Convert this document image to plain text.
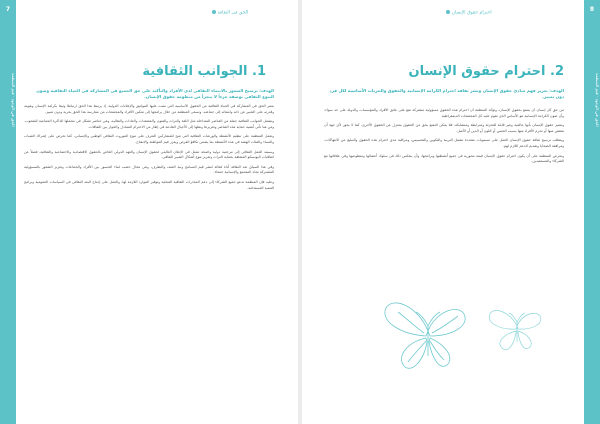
7
الحق في الوجود · قيم المنظمة
الحق في الثقافة
1. الجوانب الثقافية
الهدف: ترسيخ الشعور بالانتماء الثقافي لدى الأفراد والتأكيد على حق الجميع في المشاركة في الحياة الثقافية وصون التنوع الثقافي بوصفه جزءاً لا يتجزأ من منظومة حقوق الإنسان.

يعتبر الحق في المشاركة في الحياة الثقافية من الحقوق الأساسية التي نصت عليها المواثيق والإعلانات الدولية، إذ يرتبط هذا الحق ارتباطاً وثيقاً بكرامة الإنسان وهويته وقدرته على التعبير عن ذاته وانتمائه إلى جماعته. وتسعى المنظمة من خلال برامجها إلى تمكين الأفراد والمجتمعات من ممارسة هذا الحق بحرية ودون تمييز.

وتشمل الجوانب الثقافية جملة من العناصر المتداخلة مثل اللغة والتراث والفنون والمعتقدات والعادات والتقاليد، وهي عناصر تشكل في مجملها الذاكرة الجماعية للشعوب. ومن هنا تأتي أهمية حماية هذه العناصر وتعزيزها ونقلها إلى الأجيال القادمة في إطار من الاحترام المتبادل والحوار بين الثقافات.

وتعمل المنظمة على تنظيم الأنشطة والورشات الثقافية التي تتيح للمشاركين التعرف على تنوع الموروث الثقافي الوطني والإنساني، كما تحرص على إشراك الشباب والنساء والفئات الهشة في هذه الأنشطة بما يضمن تكافؤ الفرص ويعزز قيم المواطنة والانفتاح.

ويستند العمل الثقافي إلى مرجعية دولية واضحة تتمثل في الإعلان العالمي لحقوق الإنسان والعهد الدولي الخاص بالحقوق الاقتصادية والاجتماعية والثقافية، فضلاً عن اتفاقيات اليونسكو المتعلقة بحماية التراث وتعزيز تنوع أشكال التعبير الثقافي.

وفي هذا السياق تعد الثقافة أداة فعالة لنشر قيم التسامح ونبذ العنف والتطرف، وهي مجال خصب لبناء الجسور بين الأفراد والجماعات وتعزيز الشعور بالمسؤولية المشتركة تجاه المجتمع والإنسانية جمعاء.

وعليه فإن المنظمة تدعو جميع الشركاء إلى دعم المبادرات الثقافية المحلية وتوفير الموارد اللازمة لها، والعمل على إدماج البعد الثقافي في السياسات العمومية وبرامج التنمية المستدامة.

8
الحق في الوجود · قيم المنظمة
احترام حقوق الإنسان
2. احترام حقوق الإنسان
الهدف: تعزيز فهم مبادئ حقوق الإنسان ونشر ثقافة احترام الكرامة الإنسانية والحقوق والحريات الأساسية لكل فرد دون تمييز.

من حق كل إنسان أن يتمتع بحقوق الإنسان، وتؤكد المنظمة أن احترام هذه الحقوق مسؤولية مشتركة تقع على عاتق الأفراد والمؤسسات والدولة على حد سواء، وأن صون الكرامة الإنسانية هو الأساس الذي تقوم عليه كل المجتمعات الديمقراطية.

وتتميز حقوق الإنسان بأنها عالمية وغير قابلة للتجزئة ومترابطة ومتشابكة، فلا يمكن التمتع بحق من الحقوق بمعزل عن الحقوق الأخرى، كما لا يجوز لأي جهة أن تنتقص منها أو تحرم الأفراد منها بسبب الجنس أو اللون أو الدين أو الأصل.

ويتطلب ترسيخ ثقافة حقوق الإنسان العمل على مستويات متعددة تشمل التربية والتكوين والتحسيس، ومراقبة مدى احترام هذه الحقوق والتبليغ عن الانتهاكات، ومرافقة الضحايا وتقديم الدعم اللازم لهم.

وتحرص المنظمة على أن يكون احترام حقوق الإنسان قيمة محورية في جميع أنشطتها وبرامجها، وأن ينعكس ذلك في سلوك أعضائها ومتطوعيها وفي علاقاتها مع الشركاء والمستفيدين.
